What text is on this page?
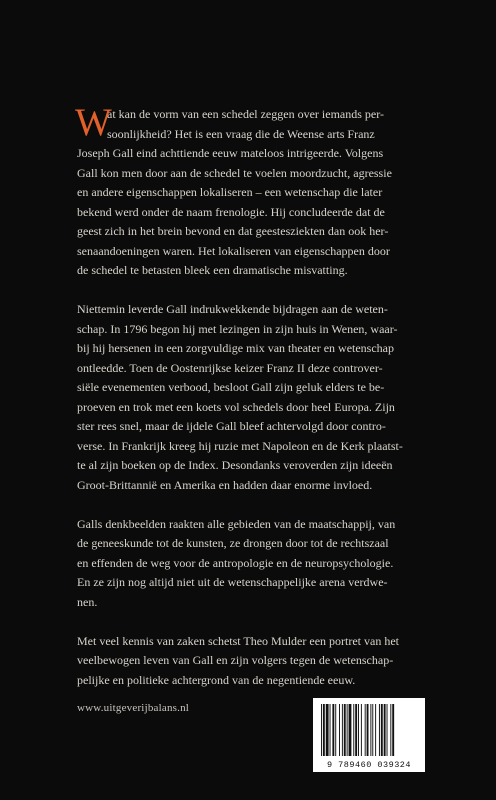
W
at kan de vorm van een schedel zeggen over iemands per-
soonlijkheid? Het is een vraag die de Weense arts Franz
Joseph Gall eind achttiende eeuw mateloos intrigeerde. Volgens
Gall kon men door aan de schedel te voelen moordzucht, agressie
en andere eigenschappen lokaliseren – een wetenschap die later
bekend werd onder de naam frenologie. Hij concludeerde dat de
geest zich in het brein bevond en dat geestesziekten dan ook her-
senaandoeningen waren. Het lokaliseren van eigenschappen door
de schedel te betasten bleek een dramatische misvatting.

Niettemin leverde Gall indrukwekkende bijdragen aan de weten-
schap. In 1796 begon hij met lezingen in zijn huis in Wenen, waar-
bij hij hersenen in een zorgvuldige mix van theater en wetenschap
ontleedde. Toen de Oostenrijkse keizer Franz II deze controver-
siële evenementen verbood, besloot Gall zijn geluk elders te be-
proeven en trok met een koets vol schedels door heel Europa. Zijn
ster rees snel, maar de ijdele Gall bleef achtervolgd door contro-
verse. In Frankrijk kreeg hij ruzie met Napoleon en de Kerk plaatst-
te al zijn boeken op de Index. Desondanks veroverden zijn ideeën
Groot-Brittannië en Amerika en hadden daar enorme invloed.

Galls denkbeelden raakten alle gebieden van de maatschappij, van
de geneeskunde tot de kunsten, ze drongen door tot de rechtszaal
en effenden de weg voor de antropologie en de neuropsychologie.
En ze zijn nog altijd niet uit de wetenschappelijke arena verdwe-
nen.

Met veel kennis van zaken schetst Theo Mulder een portret van het
veelbewogen leven van Gall en zijn volgers tegen de wetenschap-
pelijke en politieke achtergrond van de negentiende eeuw.

www.uitgeverijbalans.nl
9 789460 039324
